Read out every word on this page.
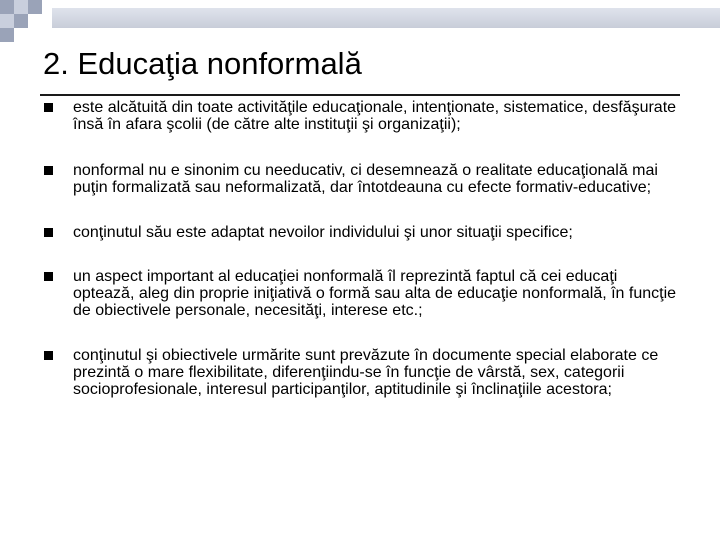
2. Educaţia nonformală
este alcătuită din toate activităţile educaţionale, intenţionate, sistematice, desfăşurate însă în afara şcolii (de către alte instituţii şi organizaţii);
nonformal nu e sinonim cu needucativ, ci desemnează o realitate educaţională mai puţin formalizată sau neformalizată, dar întotdeauna cu efecte formativ-educative;
conţinutul său este adaptat nevoilor individului şi unor situaţii specifice;
un aspect important al educaţiei nonformală îl reprezintă faptul că cei educaţi optează, aleg din proprie iniţiativă o formă sau alta de educaţie nonformală, în funcţie de obiectivele personale, necesităţi, interese etc.;
conţinutul şi obiectivele urmărite sunt prevăzute în documente special elaborate ce prezintă o mare flexibilitate, diferenţiindu-se în funcţie de vârstă, sex, categorii socioprofesionale, interesul participanţilor, aptitudinile şi înclinaţiile acestora;
